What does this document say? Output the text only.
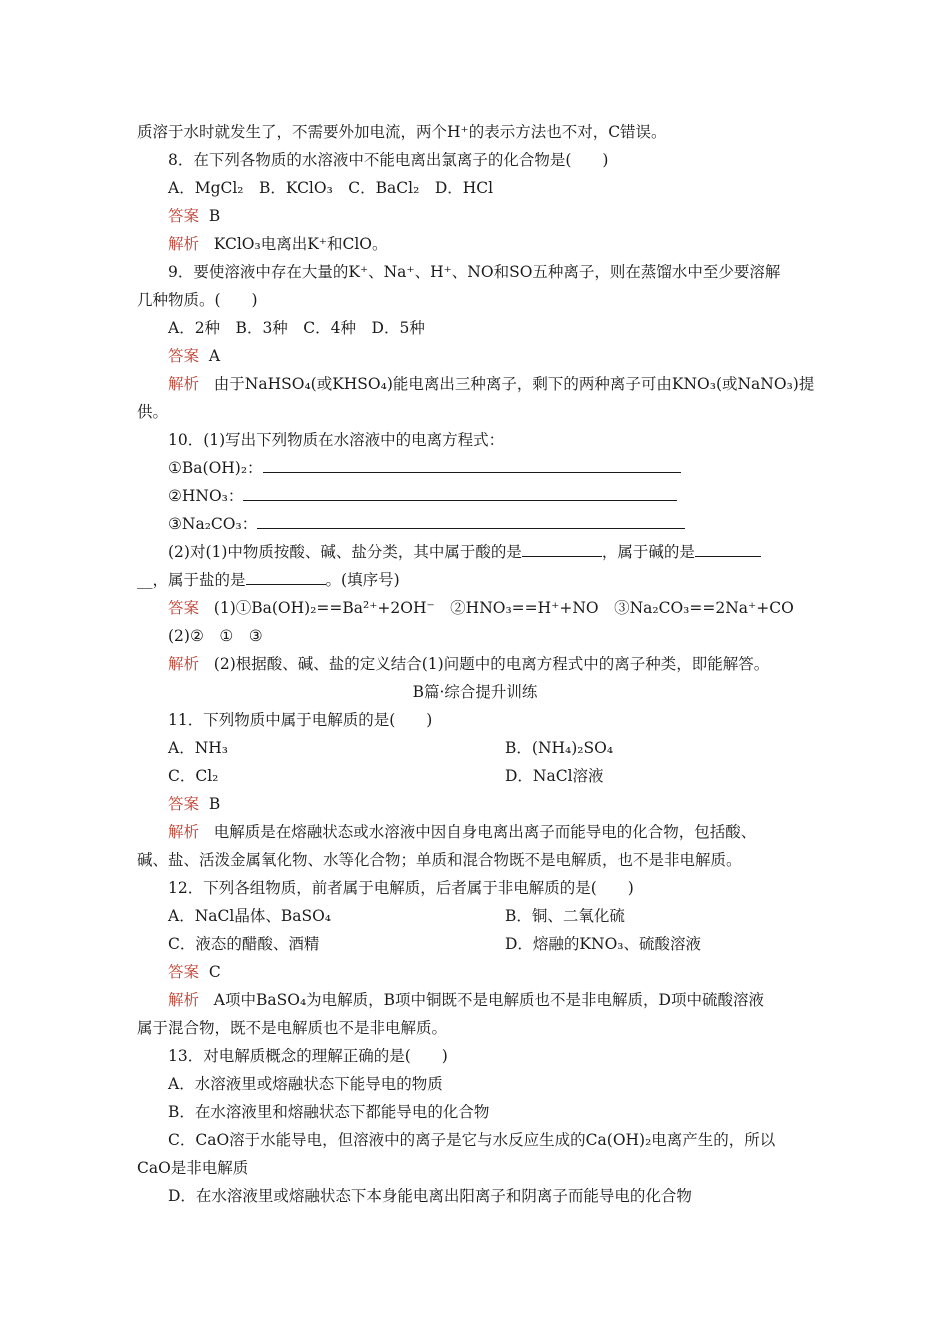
质溶于水时就发生了，不需要外加电流，两个H⁺的表示方法也不对，C错误。
8．在下列各物质的水溶液中不能电离出氯离子的化合物是(　　)
A．MgCl₂　B．KClO₃　C．BaCl₂　D．HCl
答案 B
解析 KClO₃电离出K⁺和ClO。
9．要使溶液中存在大量的K⁺、Na⁺、H⁺、NO和SO五种离子，则在蒸馏水中至少要溶解
几种物质。(　　)
A．2种　B．3种　C．4种　D．5种
答案 A
解析 由于NaHSO₄(或KHSO₄)能电离出三种离子，剩下的两种离子可由KNO₃(或NaNO₃)提
供。
10．(1)写出下列物质在水溶液中的电离方程式：
①Ba(OH)₂：
②HNO₃：
③Na₂CO₃：
(2)对(1)中物质按酸、碱、盐分类，其中属于酸的是	，属于碱的是
__，属于盐的是	。(填序号)
答案 (1)①Ba(OH)₂==Ba²⁺+2OH⁻　②HNO₃==H⁺+NO　③Na₂CO₃==2Na⁺+CO
(2)②　①　③
解析 (2)根据酸、碱、盐的定义结合(1)问题中的电离方程式中的离子种类，即能解答。
B篇·综合提升训练
11．下列物质中属于电解质的是(　　)
A．NH₃	B．(NH₄)₂SO₄
C．Cl₂	D．NaCl溶液
答案 B
解析 电解质是在熔融状态或水溶液中因自身电离出离子而能导电的化合物，包括酸、
碱、盐、活泼金属氧化物、水等化合物；单质和混合物既不是电解质，也不是非电解质。
12．下列各组物质，前者属于电解质，后者属于非电解质的是(　　)
A．NaCl晶体、BaSO₄	B．铜、二氧化硫
C．液态的醋酸、酒精	D．熔融的KNO₃、硫酸溶液
答案 C
解析 A项中BaSO₄为电解质，B项中铜既不是电解质也不是非电解质，D项中硫酸溶液
属于混合物，既不是电解质也不是非电解质。
13．对电解质概念的理解正确的是(　　)
A．水溶液里或熔融状态下能导电的物质
B．在水溶液里和熔融状态下都能导电的化合物
C．CaO溶于水能导电，但溶液中的离子是它与水反应生成的Ca(OH)₂电离产生的，所以
CaO是非电解质
D．在水溶液里或熔融状态下本身能电离出阳离子和阴离子而能导电的化合物
